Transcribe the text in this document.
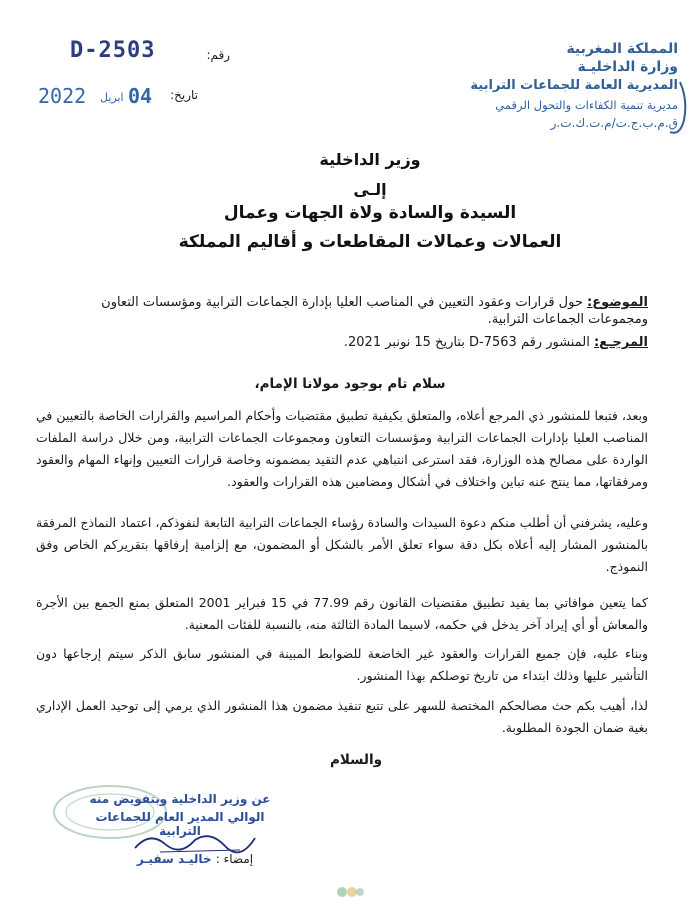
المملكة المغربية
وزارة الداخليـة
المديرية العامة للجماعات الترابية
مديرية تنمية الكفاءات والتحول الرقمي
ق.م.ب.ج.ت/م.ت.ك.ت.ر
D-2503	رقم:
2022 ابريل 04 تاريخ:
وزير الداخلية
إلـى
السيدة والسادة ولاة الجهات وعمال
العمالات وعمالات المقاطعات و أقاليم المملكة
الموضوع: حول قرارات وعقود التعيين في المناصب العليا بإدارة الجماعات الترابية ومؤسسات التعاون ومجموعات الجماعات الترابية.
المرجـع: المنشور رقم D-7563 بتاريخ 15 نونبر 2021.
سلام تام بوجود مولانا الإمام،
وبعد، فتبعا للمنشور ذي المرجع أعلاه، والمتعلق بكيفية تطبيق مقتضيات وأحكام المراسيم والقرارات الخاصة بالتعيين في المناصب العليا بإدارات الجماعات الترابية ومؤسسات التعاون ومجموعات الجماعات الترابية، ومن خلال دراسة الملفات الواردة على مصالح هذه الوزارة، فقد استرعى انتباهي عدم التقيد بمضمونه وخاصة قرارات التعيين وإنهاء المهام والعقود ومرفقاتها، مما ينتج عنه تباين واختلاف في أشكال ومضامين هذه القرارات والعقود.
وعليه، يشرفني أن أطلب منكم دعوة السيدات والسادة رؤساء الجماعات الترابية التابعة لنفوذكم، اعتماد النماذج المرفقة بالمنشور المشار إليه أعلاه بكل دقة سواء تعلق الأمر بالشكل أو المضمون، مع إلزامية إرفاقها بتقريركم الخاص وفق النموذج.
كما يتعين موافاتي بما يفيد تطبيق مقتضيات القانون رقم 77.99 في 15 فبراير 2001 المتعلق بمنع الجمع بين الأجرة والمعاش أو أي إيراد آخر يدخل في حكمه، لاسيما المادة الثالثة منه، بالنسبة للفئات المعنية.
وبناء عليه، فإن جميع القرارات والعقود غير الخاضعة للضوابط المبينة في المنشور سابق الذكر سيتم إرجاعها دون التأشير عليها وذلك ابتداء من تاريخ توصلكم بهذا المنشور.
لذا، أهيب بكم حث مصالحكم المختصة للسهر على تتبع تنفيذ مضمون هذا المنشور الذي يرمي إلى توحيد العمل الإداري بغية ضمان الجودة المطلوبة.
والسلام
عن وزير الداخلية وبتفويض منه
الوالي المدير العام للجماعات الترابية
إمضاء : خاليـد سفيـر
